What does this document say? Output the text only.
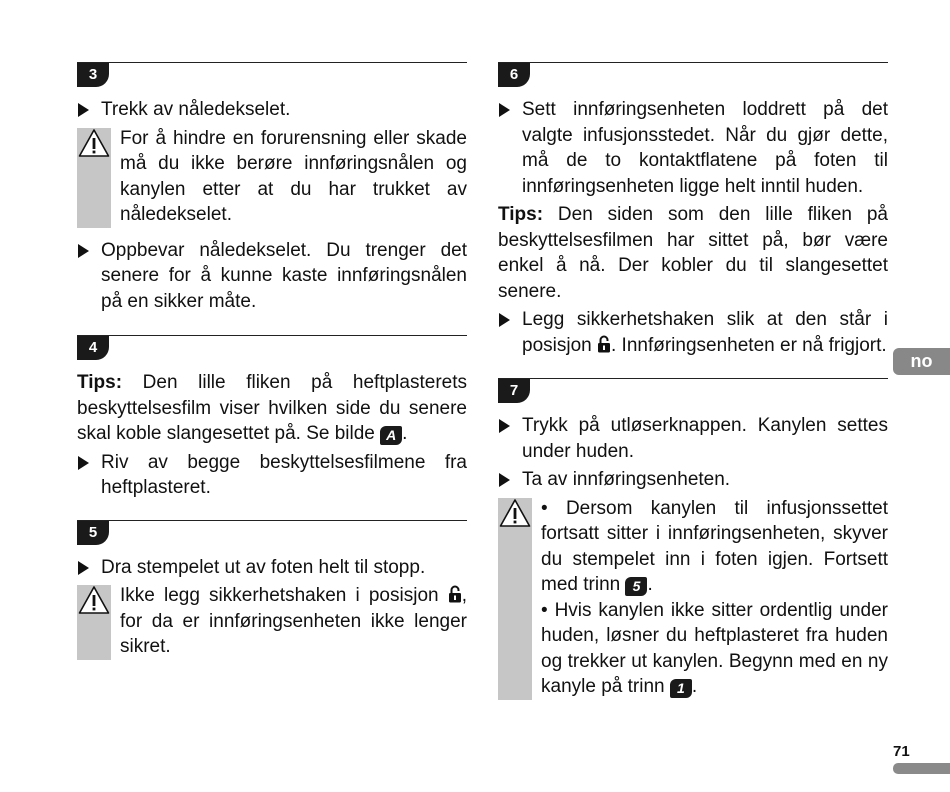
3
Trekk av nåledekselet.

For å hindre en forurensning eller skade må du ikke berøre innføringsnålen og kanylen etter at du har trukket av nåledekselet.

Oppbevar nåledekselet. Du trenger det senere for å kunne kaste innføringsnålen på en sikker måte.
4
Tips: Den lille fliken på heftplasterets beskyttelsesfilm viser hvilken side du senere skal koble slangesettet på. Se bilde A .
Riv av begge beskyttelsesfilmene fra heftplasteret.
5
Dra stempelet ut av foten helt til stopp.

Ikke legg sikkerhetshaken i posisjon , for da er innføringsenheten ikke lenger sikret.

6
Sett innføringsenheten loddrett på det valgte infusjonsstedet. Når du gjør dette, må de to kontaktflatene på foten til innføringsenheten ligge helt inntil huden.
Tips: Den siden som den lille fliken på beskyttelsesfilmen har sittet på, bør være enkel å nå. Der kobler du til slangesettet senere.
Legg sikkerhetshaken slik at den står i posisjon . Innføringsenheten er nå frigjort.
7
Trykk på utløserknappen. Kanylen settes under huden.
Ta av innføringsenheten.

• Dersom kanylen til infusjonssettet fortsatt sitter i innføringsenheten, skyver du stempelet inn i foten igjen. Fortsett med trinn 5 .

• Hvis kanylen ikke sitter ordentlig under huden, løsner du heftplasteret fra huden og trekker ut kanylen. Begynn med en ny kanyle på trinn 1 .

no
71
